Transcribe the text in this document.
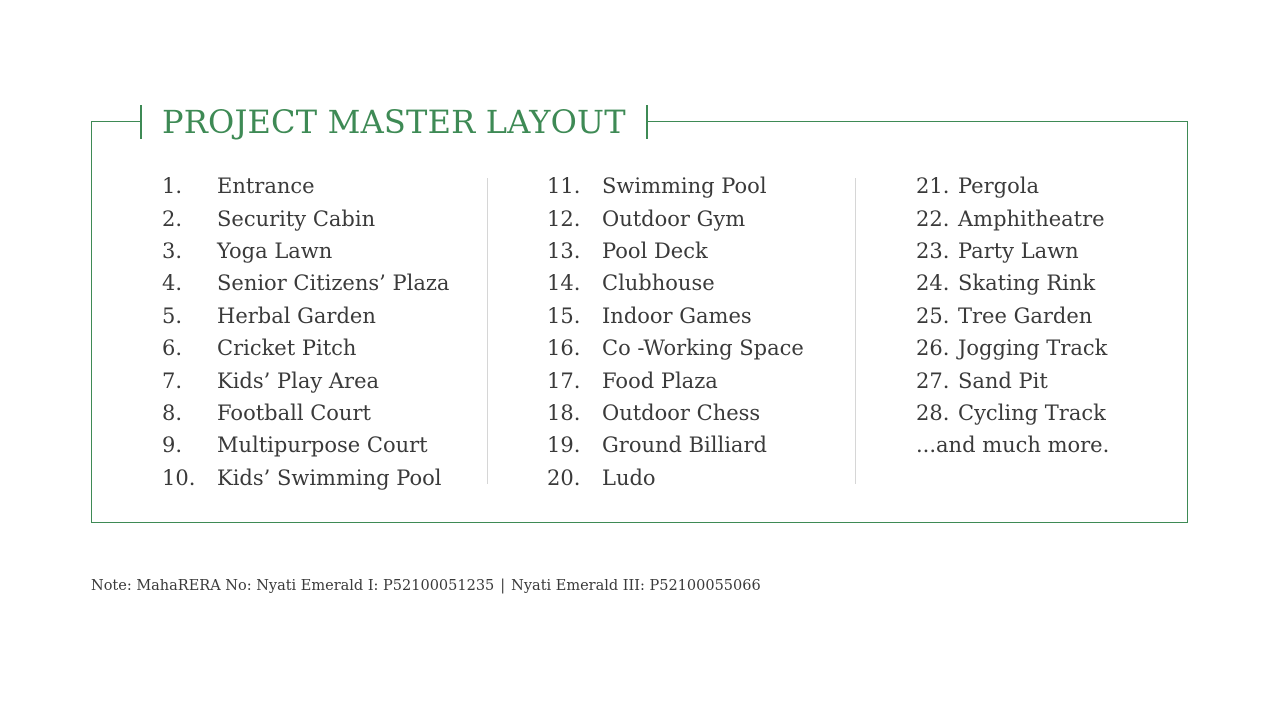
PROJECT MASTER LAYOUT
1.	Entrance
2.	Security Cabin
3.	Yoga Lawn
4.	Senior Citizens’ Plaza
5.	Herbal Garden
6.	Cricket Pitch
7.	Kids’ Play Area
8.	Football Court
9.	Multipurpose Court
10.	Kids’ Swimming Pool
11.	Swimming Pool
12.	Outdoor Gym
13.	Pool Deck
14.	Clubhouse
15.	Indoor Games
16.	Co -Working Space
17.	Food Plaza
18.	Outdoor Chess
19.	Ground Billiard
20.	Ludo
21. Pergola
22. Amphitheatre
23. Party Lawn
24. Skating Rink
25. Tree Garden
26. Jogging Track
27. Sand Pit
28. Cycling Track
...and much more.
Note: MahaRERA No: Nyati Emerald I: P52100051235 | Nyati Emerald III: P52100055066
